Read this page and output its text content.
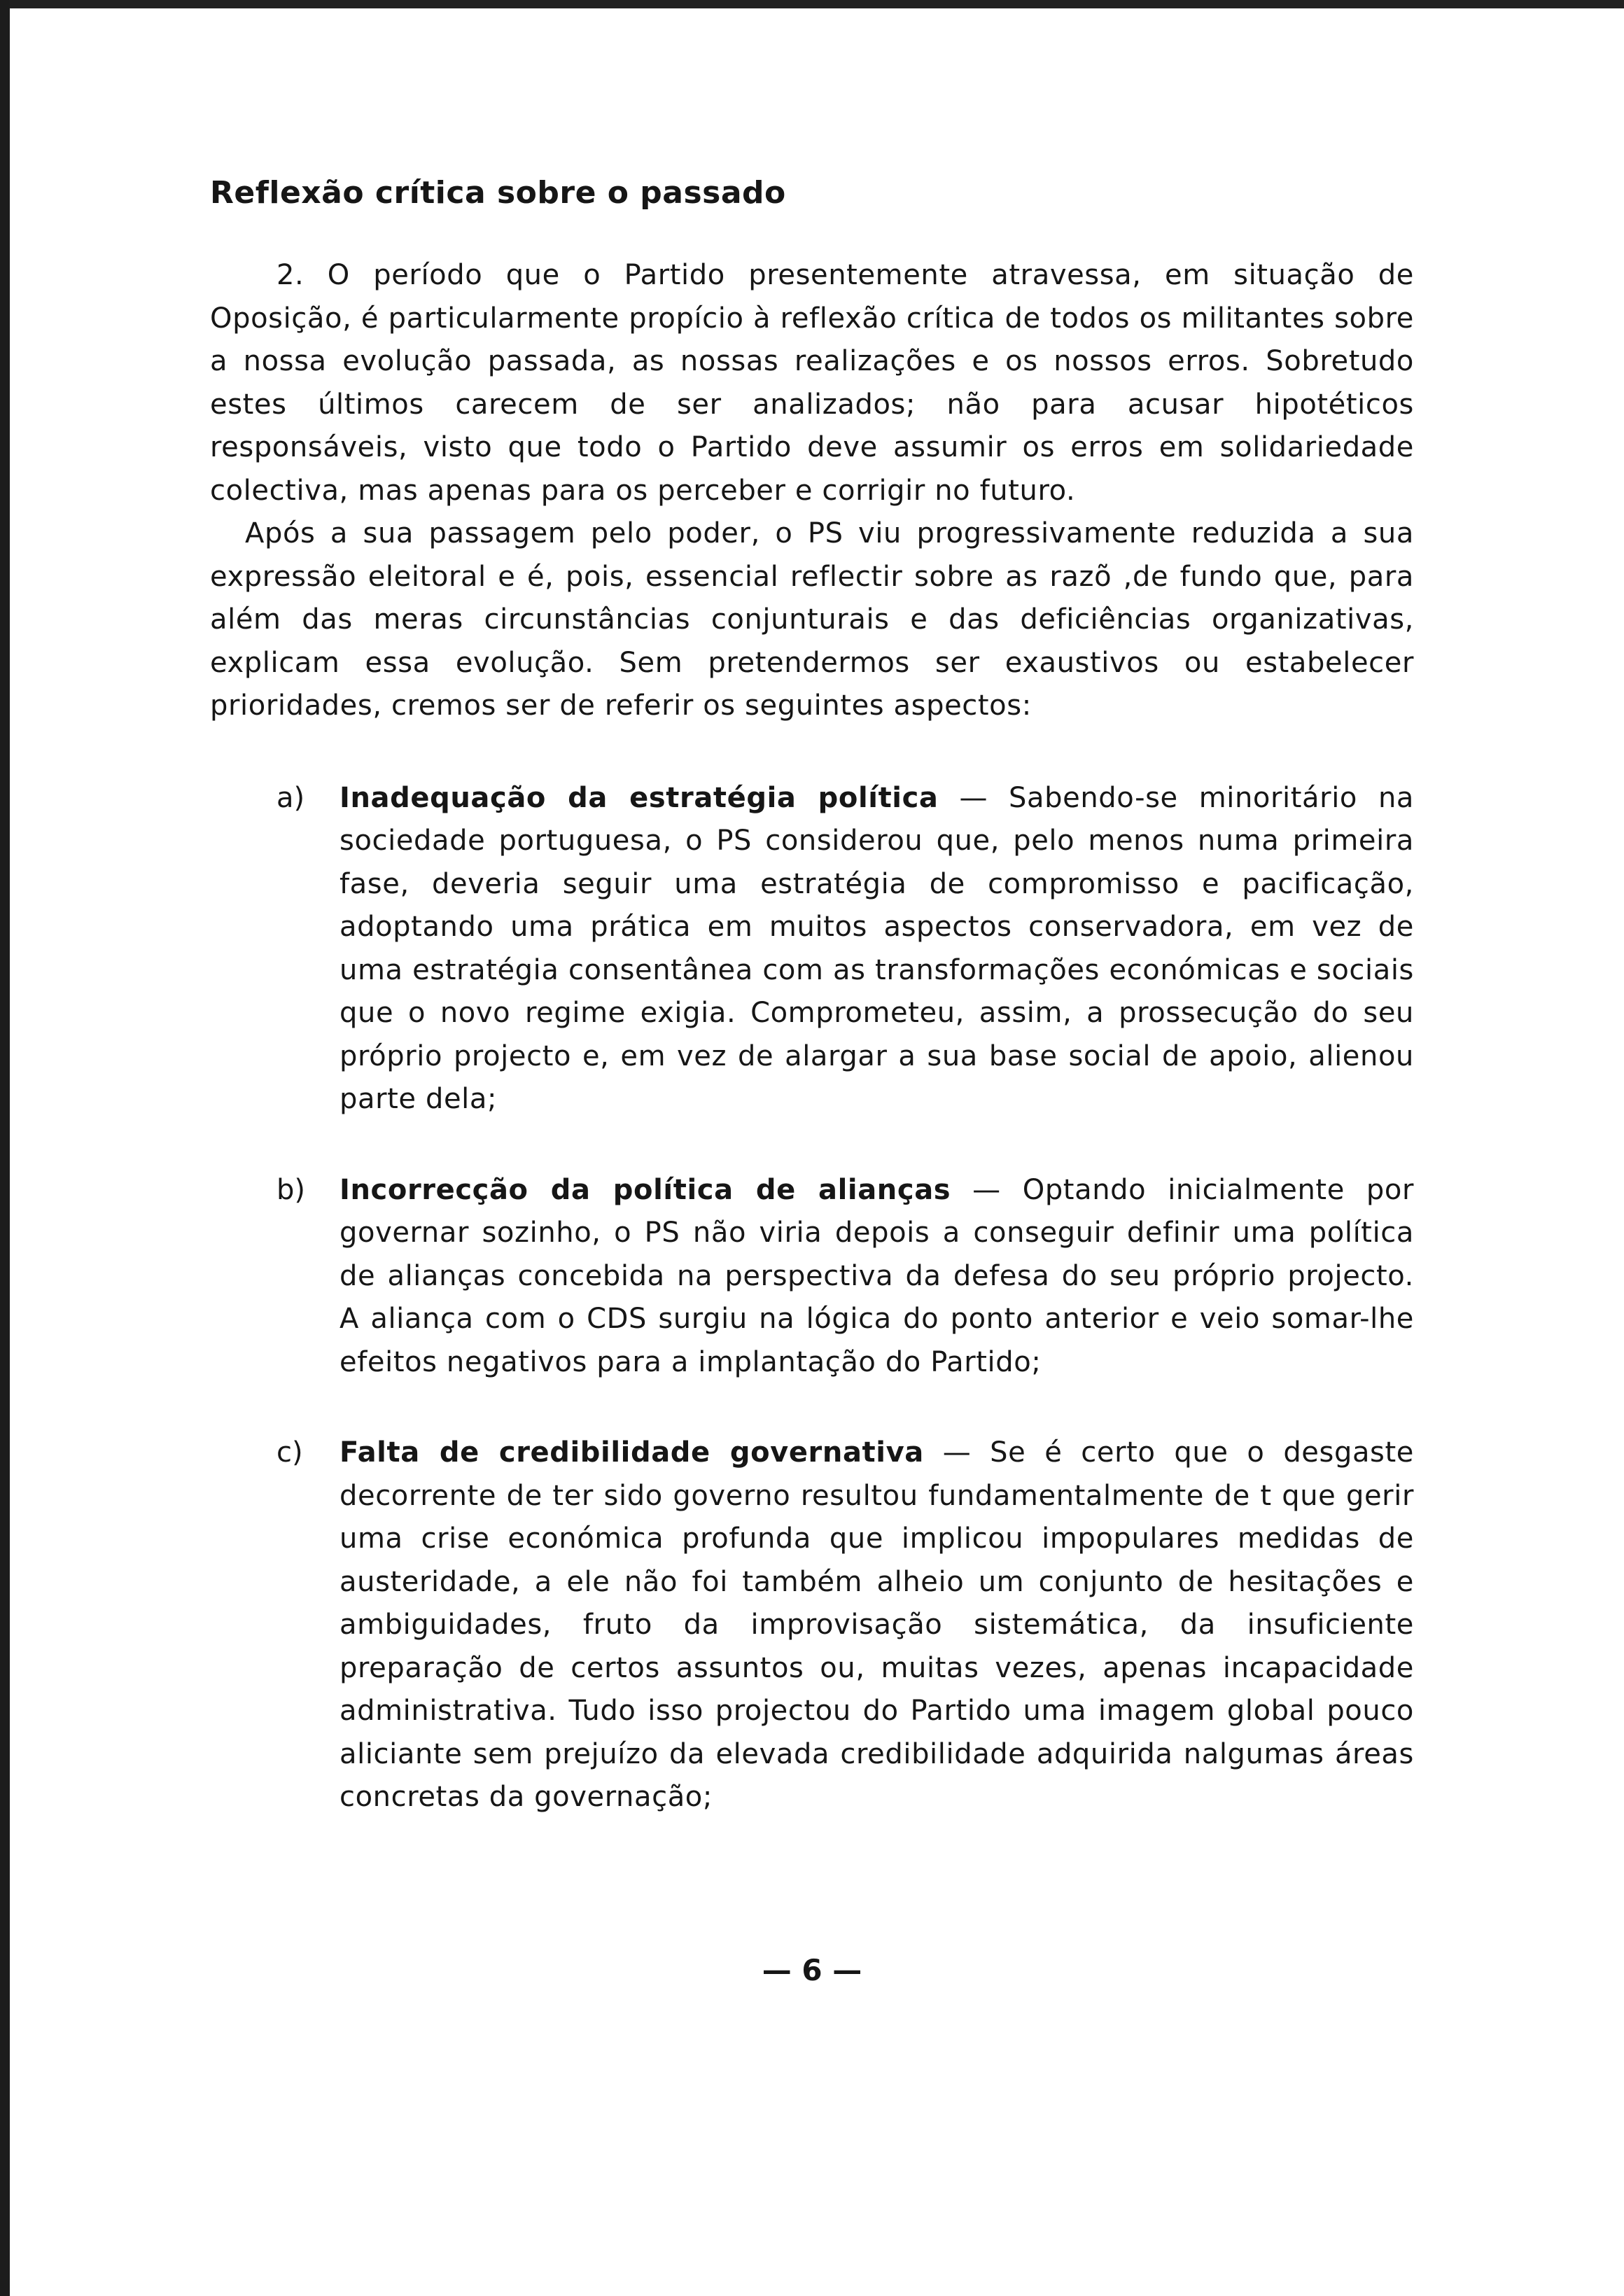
Reflexão crítica sobre o passado

2. O período que o Partido presentemente atravessa, em situação de Oposição, é particularmente propício à reflexão crítica de todos os militantes sobre a nossa evolução passada, as nossas realizações e os nossos erros. Sobretudo estes últimos carecem de ser analizados; não para acusar hipotéticos responsáveis, visto que todo o Partido deve assumir os erros em solidariedade colectiva, mas apenas para os perceber e corrigir no futuro.

Após a sua passagem pelo poder, o PS viu progressivamente reduzida a sua expressão eleitoral e é, pois, essencial reflectir sobre as razõ ,de fundo que, para além das meras circunstâncias conjunturais e das deficiências organizativas, explicam essa evolução. Sem pretendermos ser exaustivos ou estabelecer prioridades, cremos ser de referir os seguintes aspectos:

a)	Inadequação da estratégia política — Sabendo-se minoritário na sociedade portuguesa, o PS considerou que, pelo menos numa primeira fase, deveria seguir uma estratégia de compromisso e pacificação, adoptando uma prática em muitos aspectos conservadora, em vez de uma estratégia consentânea com as transformações económicas e sociais que o novo regime exigia. Comprometeu, assim, a prossecução do seu próprio projecto e, em vez de alargar a sua base social de apoio, alienou parte dela;
b)	Incorrecção da política de alianças — Optando inicialmente por governar sozinho, o PS não viria depois a conseguir definir uma política de alianças concebida na perspectiva da defesa do seu próprio projecto. A aliança com o CDS surgiu na lógica do ponto anterior e veio somar-lhe efeitos negativos para a implantação do Partido;
c)	Falta de credibilidade governativa — Se é certo que o desgaste decorrente de ter sido governo resultou fundamentalmente de t que gerir uma crise económica profunda que implicou impopulares medidas de austeridade, a ele não foi também alheio um conjunto de hesitações e ambiguidades, fruto da improvisação sistemática, da insuficiente preparação de certos assuntos ou, muitas vezes, apenas incapacidade administrativa. Tudo isso projectou do Partido uma imagem global pouco aliciante sem prejuízo da elevada credibilidade adquirida nalgumas áreas concretas da governação;
— 6 —
